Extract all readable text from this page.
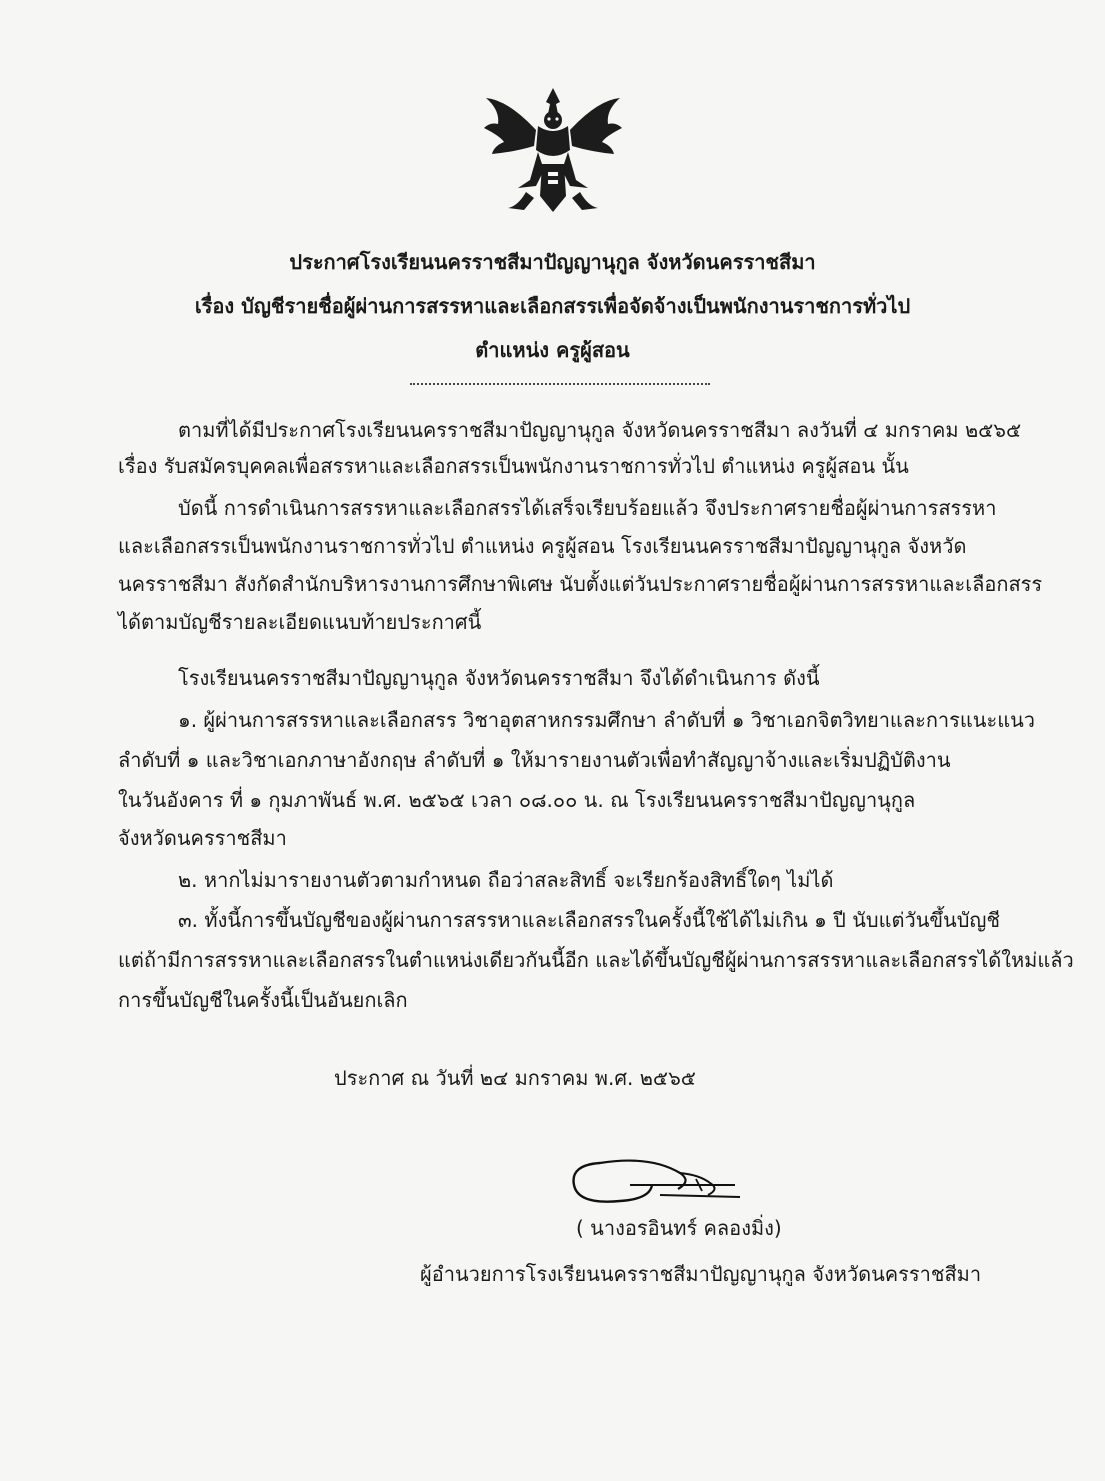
ประกาศโรงเรียนนครราชสีมาปัญญานุกูล จังหวัดนครราชสีมา
เรื่อง บัญชีรายชื่อผู้ผ่านการสรรหาและเลือกสรรเพื่อจัดจ้างเป็นพนักงานราชการทั่วไป
ตำแหน่ง ครูผู้สอน
ตามที่ได้มีประกาศโรงเรียนนครราชสีมาปัญญานุกูล จังหวัดนครราชสีมา ลงวันที่ ๔ มกราคม ๒๕๖๕
เรื่อง รับสมัครบุคคลเพื่อสรรหาและเลือกสรรเป็นพนักงานราชการทั่วไป ตำแหน่ง ครูผู้สอน นั้น
บัดนี้ การดำเนินการสรรหาและเลือกสรรได้เสร็จเรียบร้อยแล้ว จึงประกาศรายชื่อผู้ผ่านการสรรหา
และเลือกสรรเป็นพนักงานราชการทั่วไป ตำแหน่ง ครูผู้สอน โรงเรียนนครราชสีมาปัญญานุกูล จังหวัด
นครราชสีมา สังกัดสำนักบริหารงานการศึกษาพิเศษ นับตั้งแต่วันประกาศรายชื่อผู้ผ่านการสรรหาและเลือกสรร
ได้ตามบัญชีรายละเอียดแนบท้ายประกาศนี้
โรงเรียนนครราชสีมาปัญญานุกูล จังหวัดนครราชสีมา จึงได้ดำเนินการ ดังนี้
๑. ผู้ผ่านการสรรหาและเลือกสรร วิชาอุตสาหกรรมศึกษา ลำดับที่ ๑ วิชาเอกจิตวิทยาและการแนะแนว
ลำดับที่ ๑ และวิชาเอกภาษาอังกฤษ ลำดับที่ ๑ ให้มารายงานตัวเพื่อทำสัญญาจ้างและเริ่มปฏิบัติงาน
ในวันอังคาร ที่ ๑ กุมภาพันธ์ พ.ศ. ๒๕๖๕ เวลา ๐๘.๐๐ น. ณ โรงเรียนนครราชสีมาปัญญานุกูล
จังหวัดนครราชสีมา
๒. หากไม่มารายงานตัวตามกำหนด ถือว่าสละสิทธิ์ จะเรียกร้องสิทธิ์ใดๆ ไม่ได้
๓. ทั้งนี้การขึ้นบัญชีของผู้ผ่านการสรรหาและเลือกสรรในครั้งนี้ใช้ได้ไม่เกิน ๑ ปี นับแต่วันขึ้นบัญชี
แต่ถ้ามีการสรรหาและเลือกสรรในตำแหน่งเดียวกันนี้อีก และได้ขึ้นบัญชีผู้ผ่านการสรรหาและเลือกสรรได้ใหม่แล้ว
การขึ้นบัญชีในครั้งนี้เป็นอันยกเลิก
ประกาศ ณ วันที่ ๒๔ มกราคม พ.ศ. ๒๕๖๕
( นางอรอินทร์ คลองมิ่ง)
ผู้อำนวยการโรงเรียนนครราชสีมาปัญญานุกูล จังหวัดนครราชสีมา
